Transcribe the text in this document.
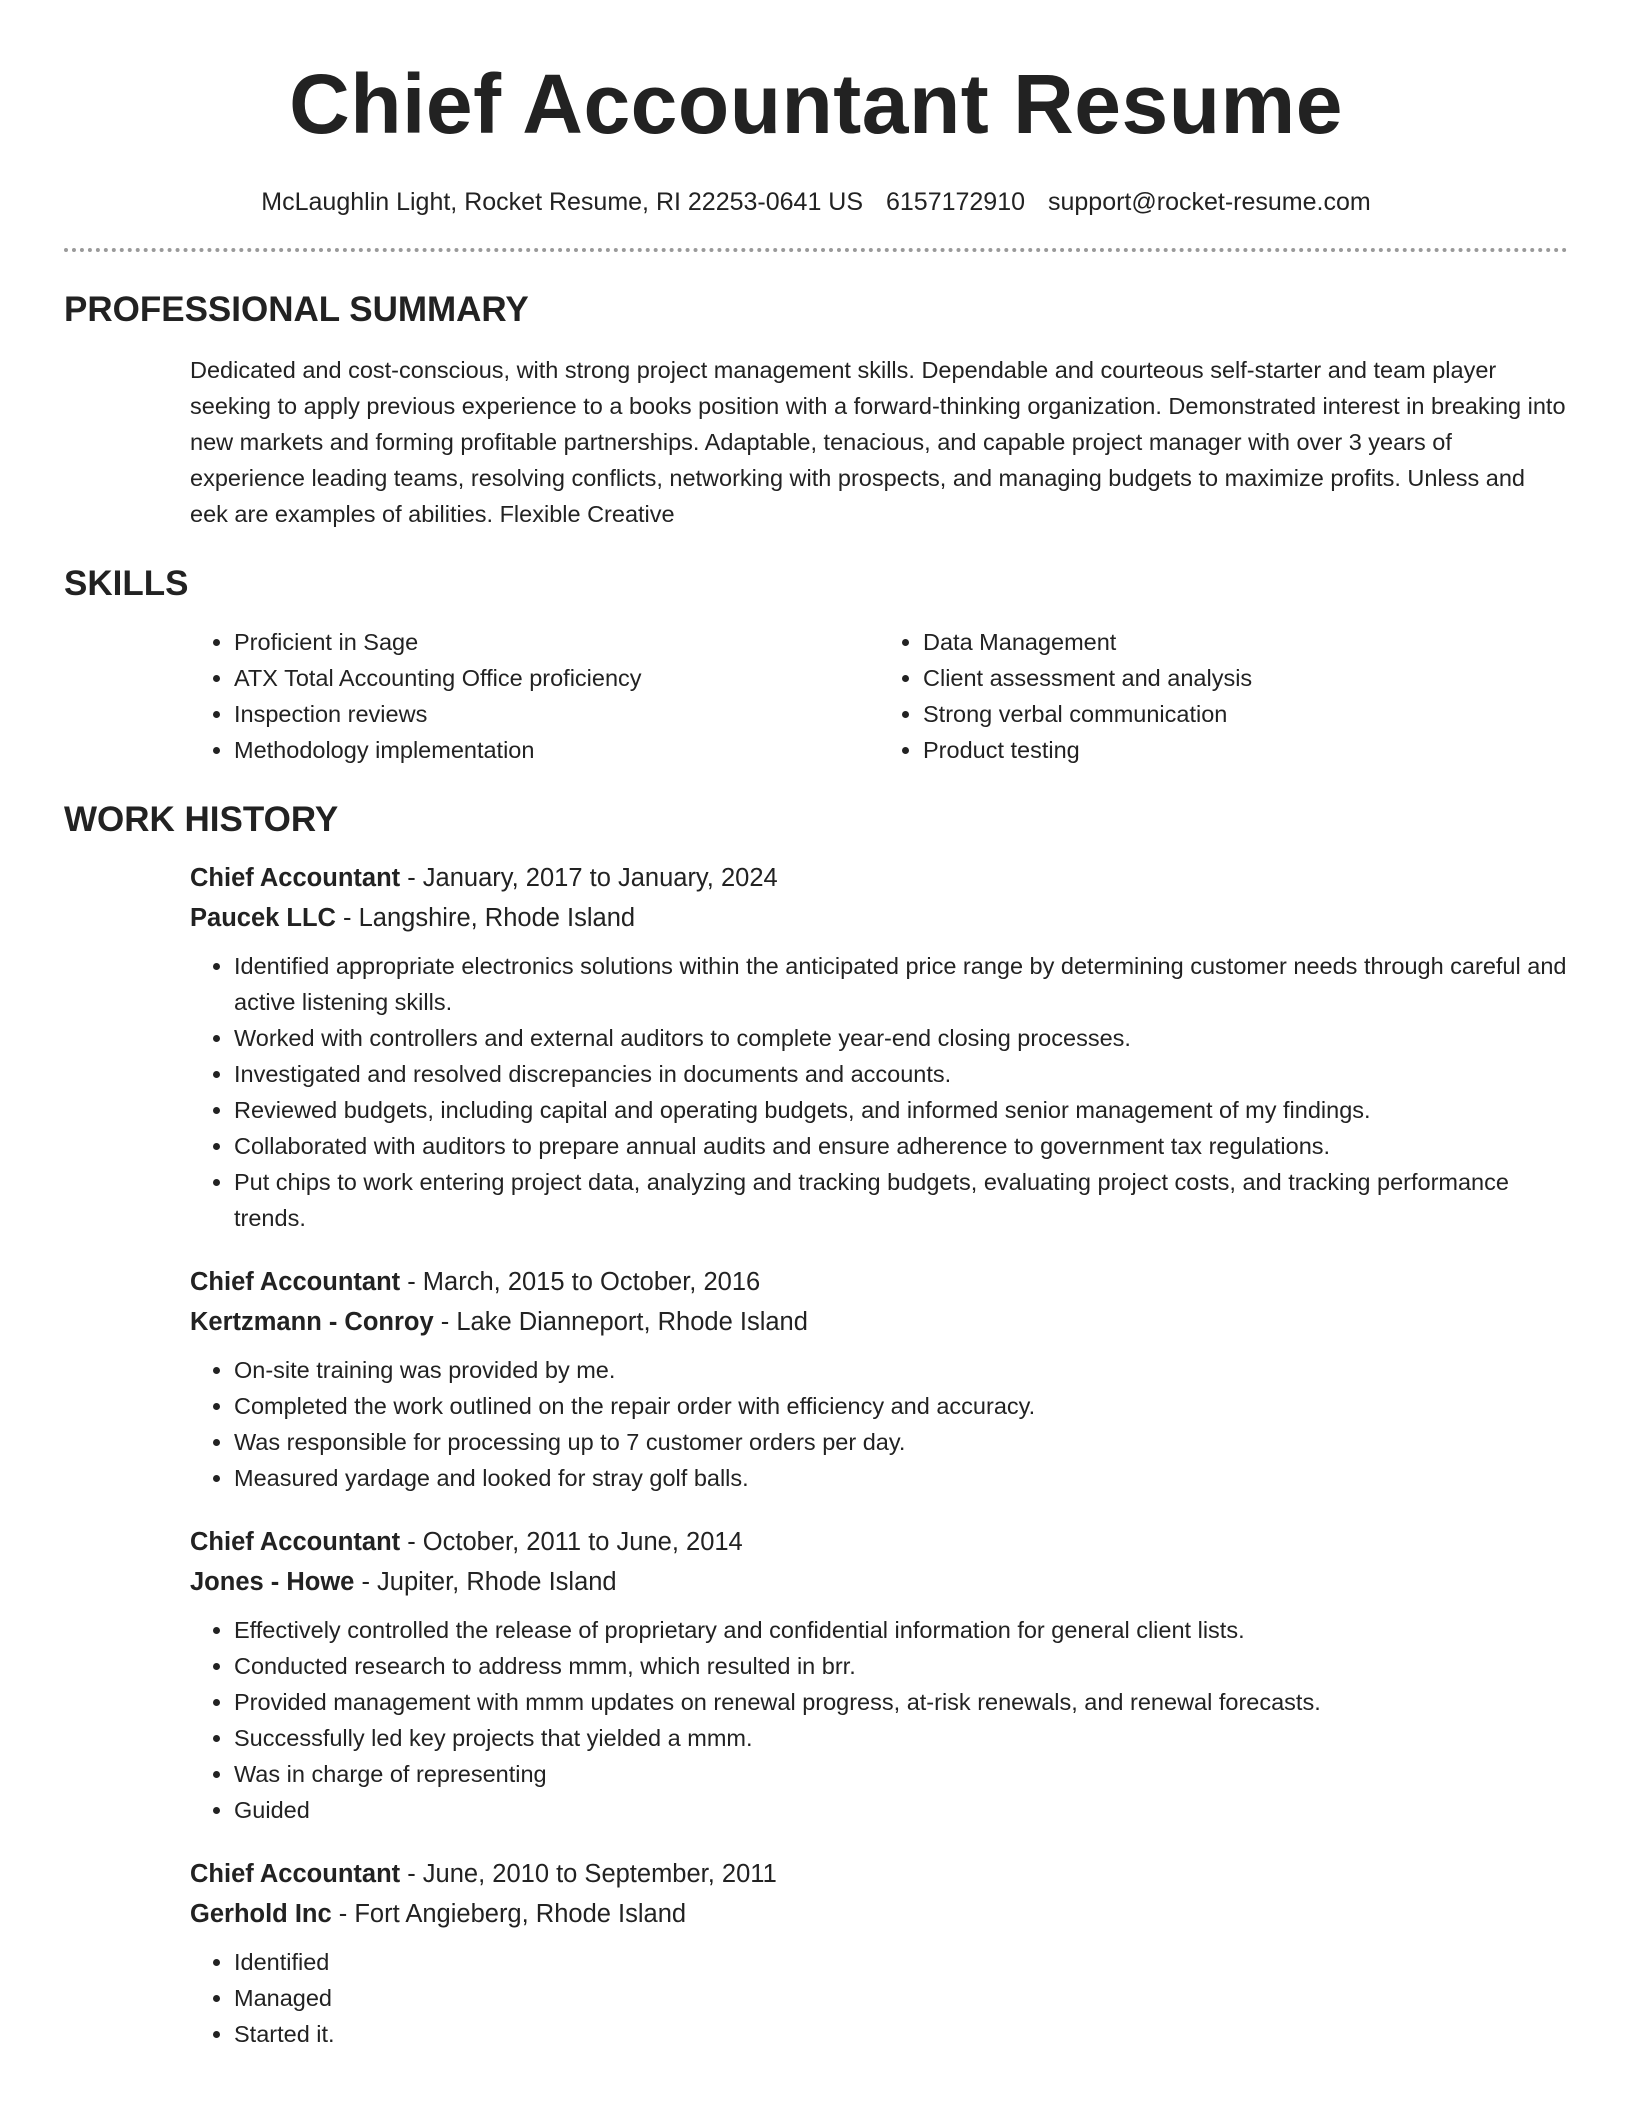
Chief Accountant Resume
McLaughlin Light, Rocket Resume, RI 22253-0641 US 6157172910 support@rocket-resume.com
PROFESSIONAL SUMMARY

Dedicated and cost-conscious, with strong project management skills. Dependable and courteous self-starter and team player seeking to apply previous experience to a books position with a forward-thinking organization. Demonstrated interest in breaking into new markets and forming profitable partnerships. Adaptable, tenacious, and capable project manager with over 3 years of experience leading teams, resolving conflicts, networking with prospects, and managing budgets to maximize profits. Unless and eek are examples of abilities. Flexible Creative

SKILLS
• Proficient in Sage
• ATX Total Accounting Office proficiency
• Inspection reviews
• Methodology implementation
• Data Management
• Client assessment and analysis
• Strong verbal communication
• Product testing
WORK HISTORY
Chief Accountant - January, 2017 to January, 2024
Paucek LLC - Langshire, Rhode Island
• Identified appropriate electronics solutions within the anticipated price range by determining customer needs through careful and active listening skills.
• Worked with controllers and external auditors to complete year-end closing processes.
• Investigated and resolved discrepancies in documents and accounts.
• Reviewed budgets, including capital and operating budgets, and informed senior management of my findings.
• Collaborated with auditors to prepare annual audits and ensure adherence to government tax regulations.
• Put chips to work entering project data, analyzing and tracking budgets, evaluating project costs, and tracking performance trends.
Chief Accountant - March, 2015 to October, 2016
Kertzmann - Conroy - Lake Dianneport, Rhode Island
• On-site training was provided by me.
• Completed the work outlined on the repair order with efficiency and accuracy.
• Was responsible for processing up to 7 customer orders per day.
• Measured yardage and looked for stray golf balls.
Chief Accountant - October, 2011 to June, 2014
Jones - Howe - Jupiter, Rhode Island
• Effectively controlled the release of proprietary and confidential information for general client lists.
• Conducted research to address mmm, which resulted in brr.
• Provided management with mmm updates on renewal progress, at-risk renewals, and renewal forecasts.
• Successfully led key projects that yielded a mmm.
• Was in charge of representing
• Guided
Chief Accountant - June, 2010 to September, 2011
Gerhold Inc - Fort Angieberg, Rhode Island
• Identified
• Managed
• Started it.
